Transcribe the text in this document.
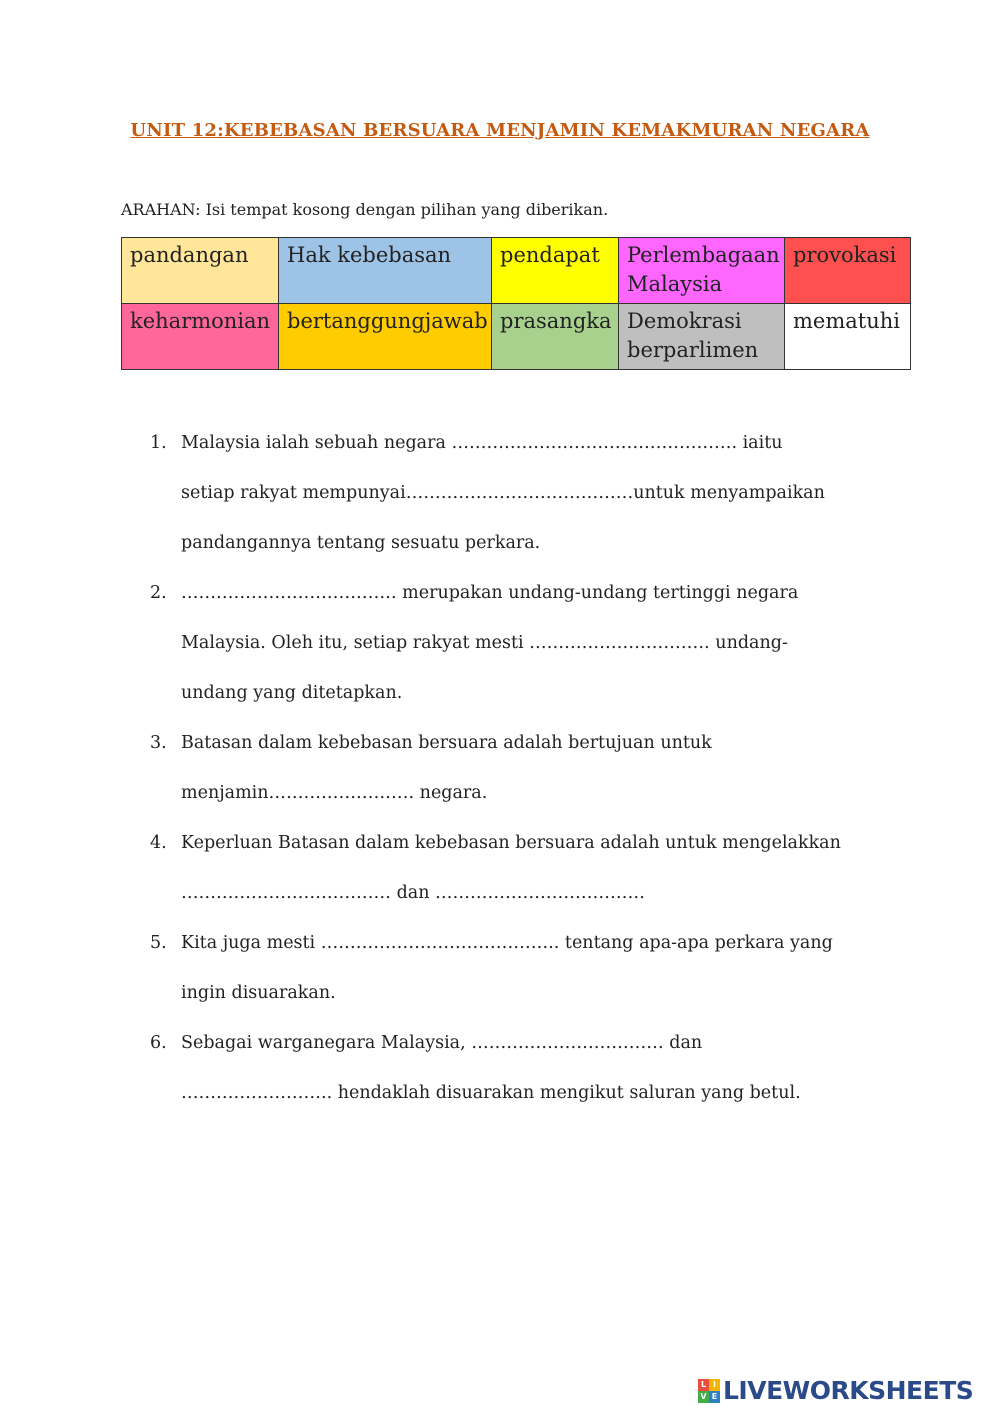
UNIT 12:KEBEBASAN BERSUARA MENJAMIN KEMAKMURAN NEGARA
ARAHAN: Isi tempat kosong dengan pilihan yang diberikan.
pandangan	Hak kebebasan	pendapat	Perlembagaan Malaysia	provokasi
keharmonian	bertanggungjawab	prasangka	Demokrasi berparlimen	mematuhi
1. Malaysia ialah sebuah negara …………………………………………. iaitu
setiap rakyat mempunyai…………………………………untuk menyampaikan
pandangannya tentang sesuatu perkara.
2. ………………………………. merupakan undang-undang tertinggi negara
Malaysia. Oleh itu, setiap rakyat mesti …………………………. undang-
undang yang ditetapkan.
3. Batasan dalam kebebasan bersuara adalah bertujuan untuk
menjamin……………………. negara.
4. Keperluan Batasan dalam kebebasan bersuara adalah untuk mengelakkan
……………………………… dan ………………………………
5. Kita juga mesti ………………………………….. tentang apa-apa perkara yang
ingin disuarakan.
6. Sebagai warganegara Malaysia, …………………………… dan
…………………….. hendaklah disuarakan mengikut saluran yang betul.
L I
V E LIVEWORKSHEETS
